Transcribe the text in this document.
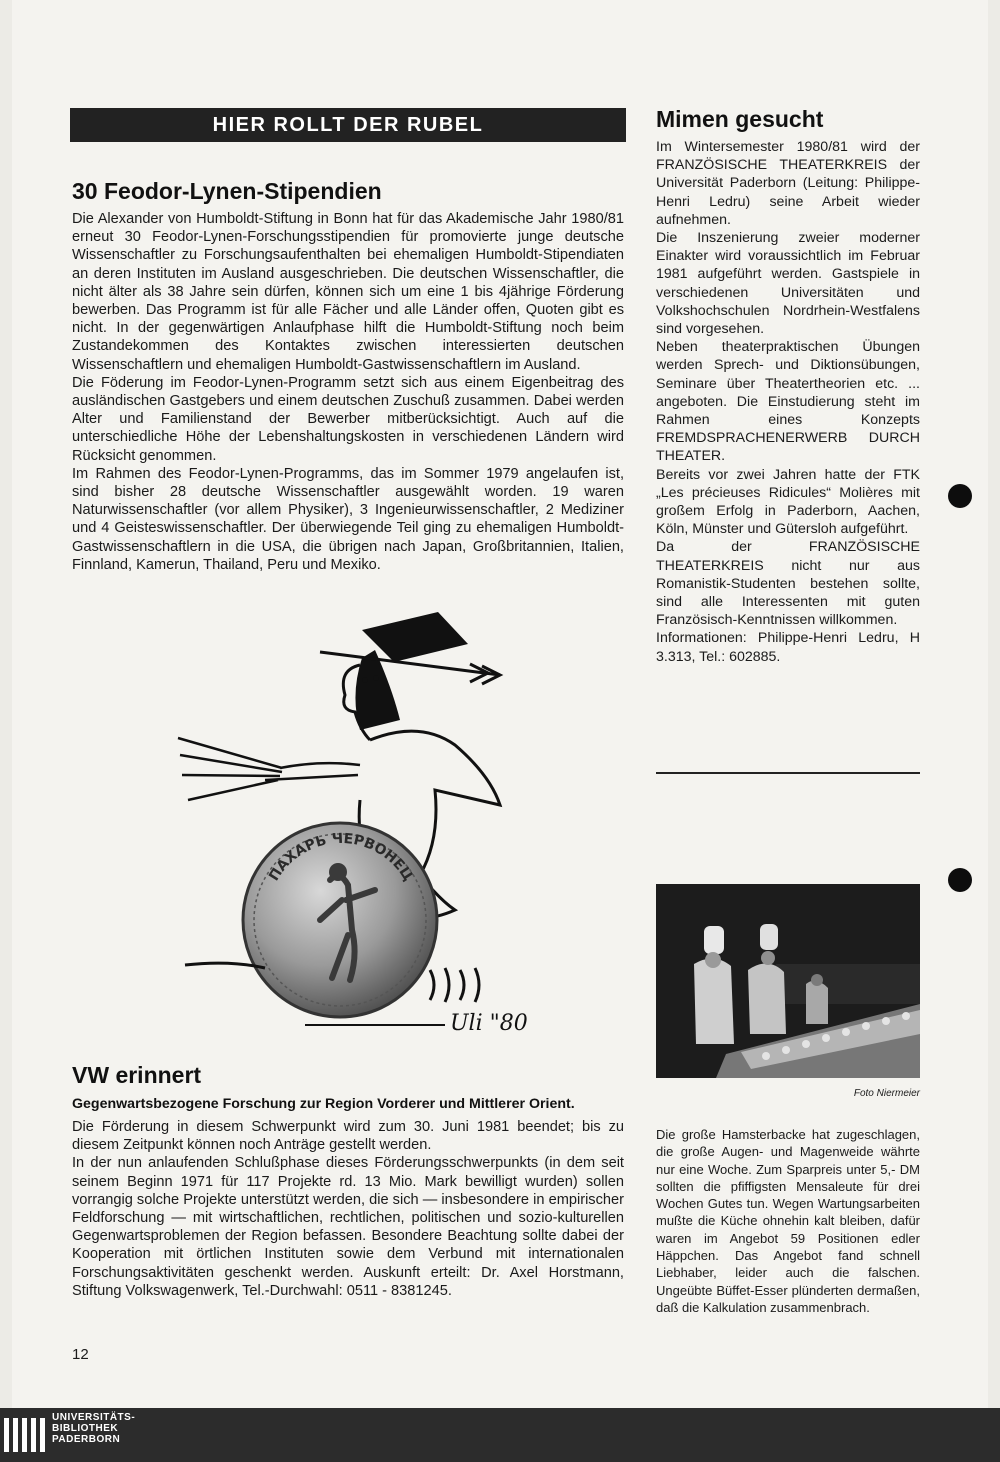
HIER ROLLT DER RUBEL
30 Feodor-Lynen-Stipendien

Die Alexander von Humboldt-Stiftung in Bonn hat für das Akademische Jahr 1980/81 erneut 30 Feodor-Lynen-Forschungsstipendien für promovierte junge deutsche Wissenschaftler zu Forschungsaufenthalten bei ehemaligen Humboldt-Stipendiaten an deren Instituten im Ausland ausgeschrieben. Die deutschen Wissenschaftler, die nicht älter als 38 Jahre sein dürfen, können sich um eine 1 bis 4jährige Förderung bewerben. Das Programm ist für alle Fächer und alle Länder offen, Quoten gibt es nicht. In der gegenwärtigen Anlaufphase hilft die Humboldt-Stiftung noch beim Zustandekommen des Kontaktes zwischen interessierten deutschen Wissenschaftlern und ehemaligen Humboldt-Gastwissenschaftlern im Ausland.

Die Föderung im Feodor-Lynen-Programm setzt sich aus einem Eigenbeitrag des ausländischen Gastgebers und einem deutschen Zuschuß zusammen. Dabei werden Alter und Familienstand der Bewerber mitberücksichtigt. Auch auf die unterschiedliche Höhe der Lebenshaltungskosten in verschiedenen Ländern wird Rücksicht genommen.

Im Rahmen des Feodor-Lynen-Programms, das im Sommer 1979 angelaufen ist, sind bisher 28 deutsche Wissenschaftler ausgewählt worden. 19 waren Naturwissenschaftler (vor allem Physiker), 3 Ingenieurwissenschaftler, 2 Mediziner und 4 Geisteswissenschaftler. Der überwiegende Teil ging zu ehemaligen Humboldt-Gastwissenschaftlern in die USA, die übrigen nach Japan, Großbritannien, Italien, Finnland, Kamerun, Thailand, Peru und Mexiko.

ПАХАРЬ ЧЕРВОНЕЦ
Uli "80
VW erinnert
Gegenwartsbezogene Forschung zur Region Vorderer und Mittlerer Orient.

Die Förderung in diesem Schwerpunkt wird zum 30. Juni 1981 beendet; bis zu diesem Zeitpunkt können noch Anträge gestellt werden.

In der nun anlaufenden Schlußphase dieses Förderungsschwerpunkts (in dem seit seinem Beginn 1971 für 117 Projekte rd. 13 Mio. Mark bewilligt wurden) sollen vorrangig solche Projekte unterstützt werden, die sich — insbesondere in empirischer Feldforschung — mit wirtschaftlichen, rechtlichen, politischen und sozio-kulturellen Gegenwartsproblemen der Region befassen. Besondere Beachtung sollte dabei der Kooperation mit örtlichen Instituten sowie dem Verbund mit internationalen Forschungsaktivitäten geschenkt werden. Auskunft erteilt: Dr. Axel Horstmann, Stiftung Volkswagenwerk, Tel.-Durchwahl: 0511 - 8381245.

Mimen gesucht

Im Wintersemester 1980/81 wird der FRANZÖSISCHE THEATERKREIS der Universität Paderborn (Leitung: Philippe-Henri Ledru) seine Arbeit wieder aufnehmen.

Die Inszenierung zweier moderner Einakter wird voraussichtlich im Februar 1981 aufgeführt werden. Gastspiele in verschiedenen Universitäten und Volkshochschulen Nordrhein-Westfalens sind vorgesehen.

Neben theaterpraktischen Übungen werden Sprech- und Diktionsübungen, Seminare über Theatertheorien etc. ... angeboten. Die Einstudierung steht im Rahmen eines Konzepts FREMDSPRACHENERWERB DURCH THEATER.

Bereits vor zwei Jahren hatte der FTK „Les précieuses Ridicules“ Molières mit großem Erfolg in Paderborn, Aachen, Köln, Münster und Gütersloh aufgeführt.

Da der FRANZÖSISCHE THEATERKREIS nicht nur aus Romanistik-Studenten bestehen sollte, sind alle Interessenten mit guten Französisch-Kenntnissen willkommen.

Informationen: Philippe-Henri Ledru, H 3.313, Tel.: 602885.

Foto Niermeier

Die große Hamsterbacke hat zugeschlagen, die große Augen- und Magenweide währte nur eine Woche. Zum Sparpreis unter 5,- DM sollten die pfiffigsten Mensaleute für drei Wochen Gutes tun. Wegen Wartungsarbeiten mußte die Küche ohnehin kalt bleiben, dafür waren im Angebot 59 Positionen edler Häppchen. Das Angebot fand schnell Liebhaber, leider auch die falschen. Ungeübte Büffet-Esser plünderten dermaßen, daß die Kalkulation zusammenbrach.

12
UNIVERSITÄTS-
BIBLIOTHEK
PADERBORN
